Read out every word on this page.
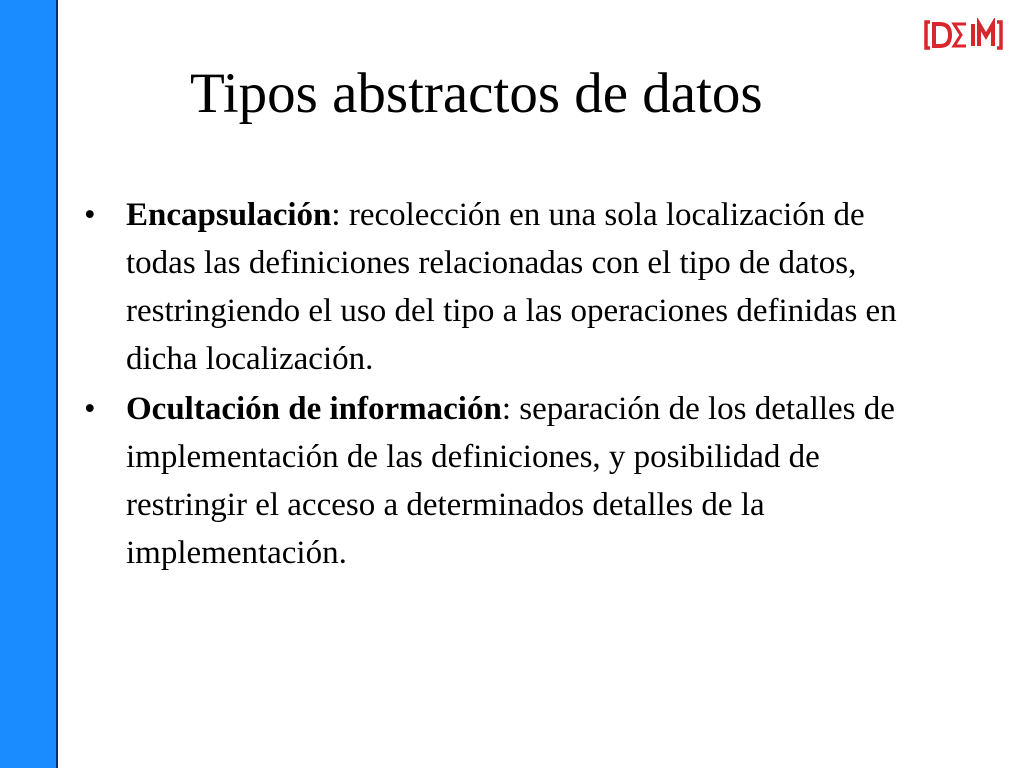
Tipos abstractos de datos
• Encapsulación: recolección en una sola localización de todas las definiciones relacionadas con el tipo de datos, restringiendo el uso del tipo a las operaciones definidas en dicha localización.
• Ocultación de información: separación de los detalles de implementación de las definiciones, y posibilidad de restringir el acceso a determinados detalles de la implementación.
